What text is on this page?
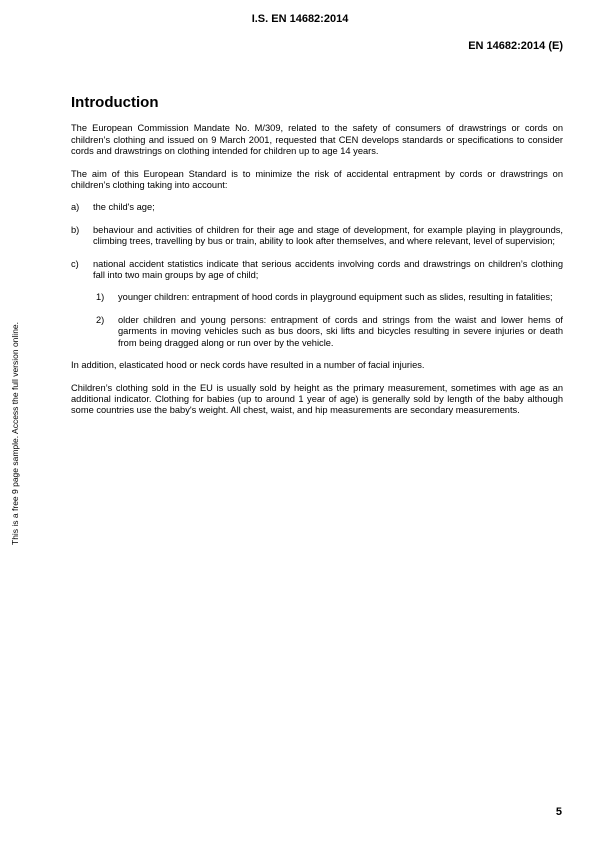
I.S. EN 14682:2014
EN 14682:2014 (E)
This is a free 9 page sample. Access the full version online.
Introduction

The European Commission Mandate No. M/309, related to the safety of consumers of drawstrings or cords on children’s clothing and issued on 9 March 2001, requested that CEN develops standards or specifications to consider cords and drawstrings on clothing intended for children up to age 14 years.

The aim of this European Standard is to minimize the risk of accidental entrapment by cords or drawstrings on children’s clothing taking into account:

a)	the child's age;
b)	behaviour and activities of children for their age and stage of development, for example playing in playgrounds, climbing trees, travelling by bus or train, ability to look after themselves, and where relevant, level of supervision;
c)	national accident statistics indicate that serious accidents involving cords and drawstrings on children’s clothing fall into two main groups by age of child;
1)	younger children: entrapment of hood cords in playground equipment such as slides, resulting in fatalities;
2)	older children and young persons: entrapment of cords and strings from the waist and lower hems of garments in moving vehicles such as bus doors, ski lifts and bicycles resulting in severe injuries or death from being dragged along or run over by the vehicle.

In addition, elasticated hood or neck cords have resulted in a number of facial injuries.

Children’s clothing sold in the EU is usually sold by height as the primary measurement, sometimes with age as an additional indicator. Clothing for babies (up to around 1 year of age) is generally sold by length of the baby although some countries use the baby's weight. All chest, waist, and hip measurements are secondary measurements.

5
